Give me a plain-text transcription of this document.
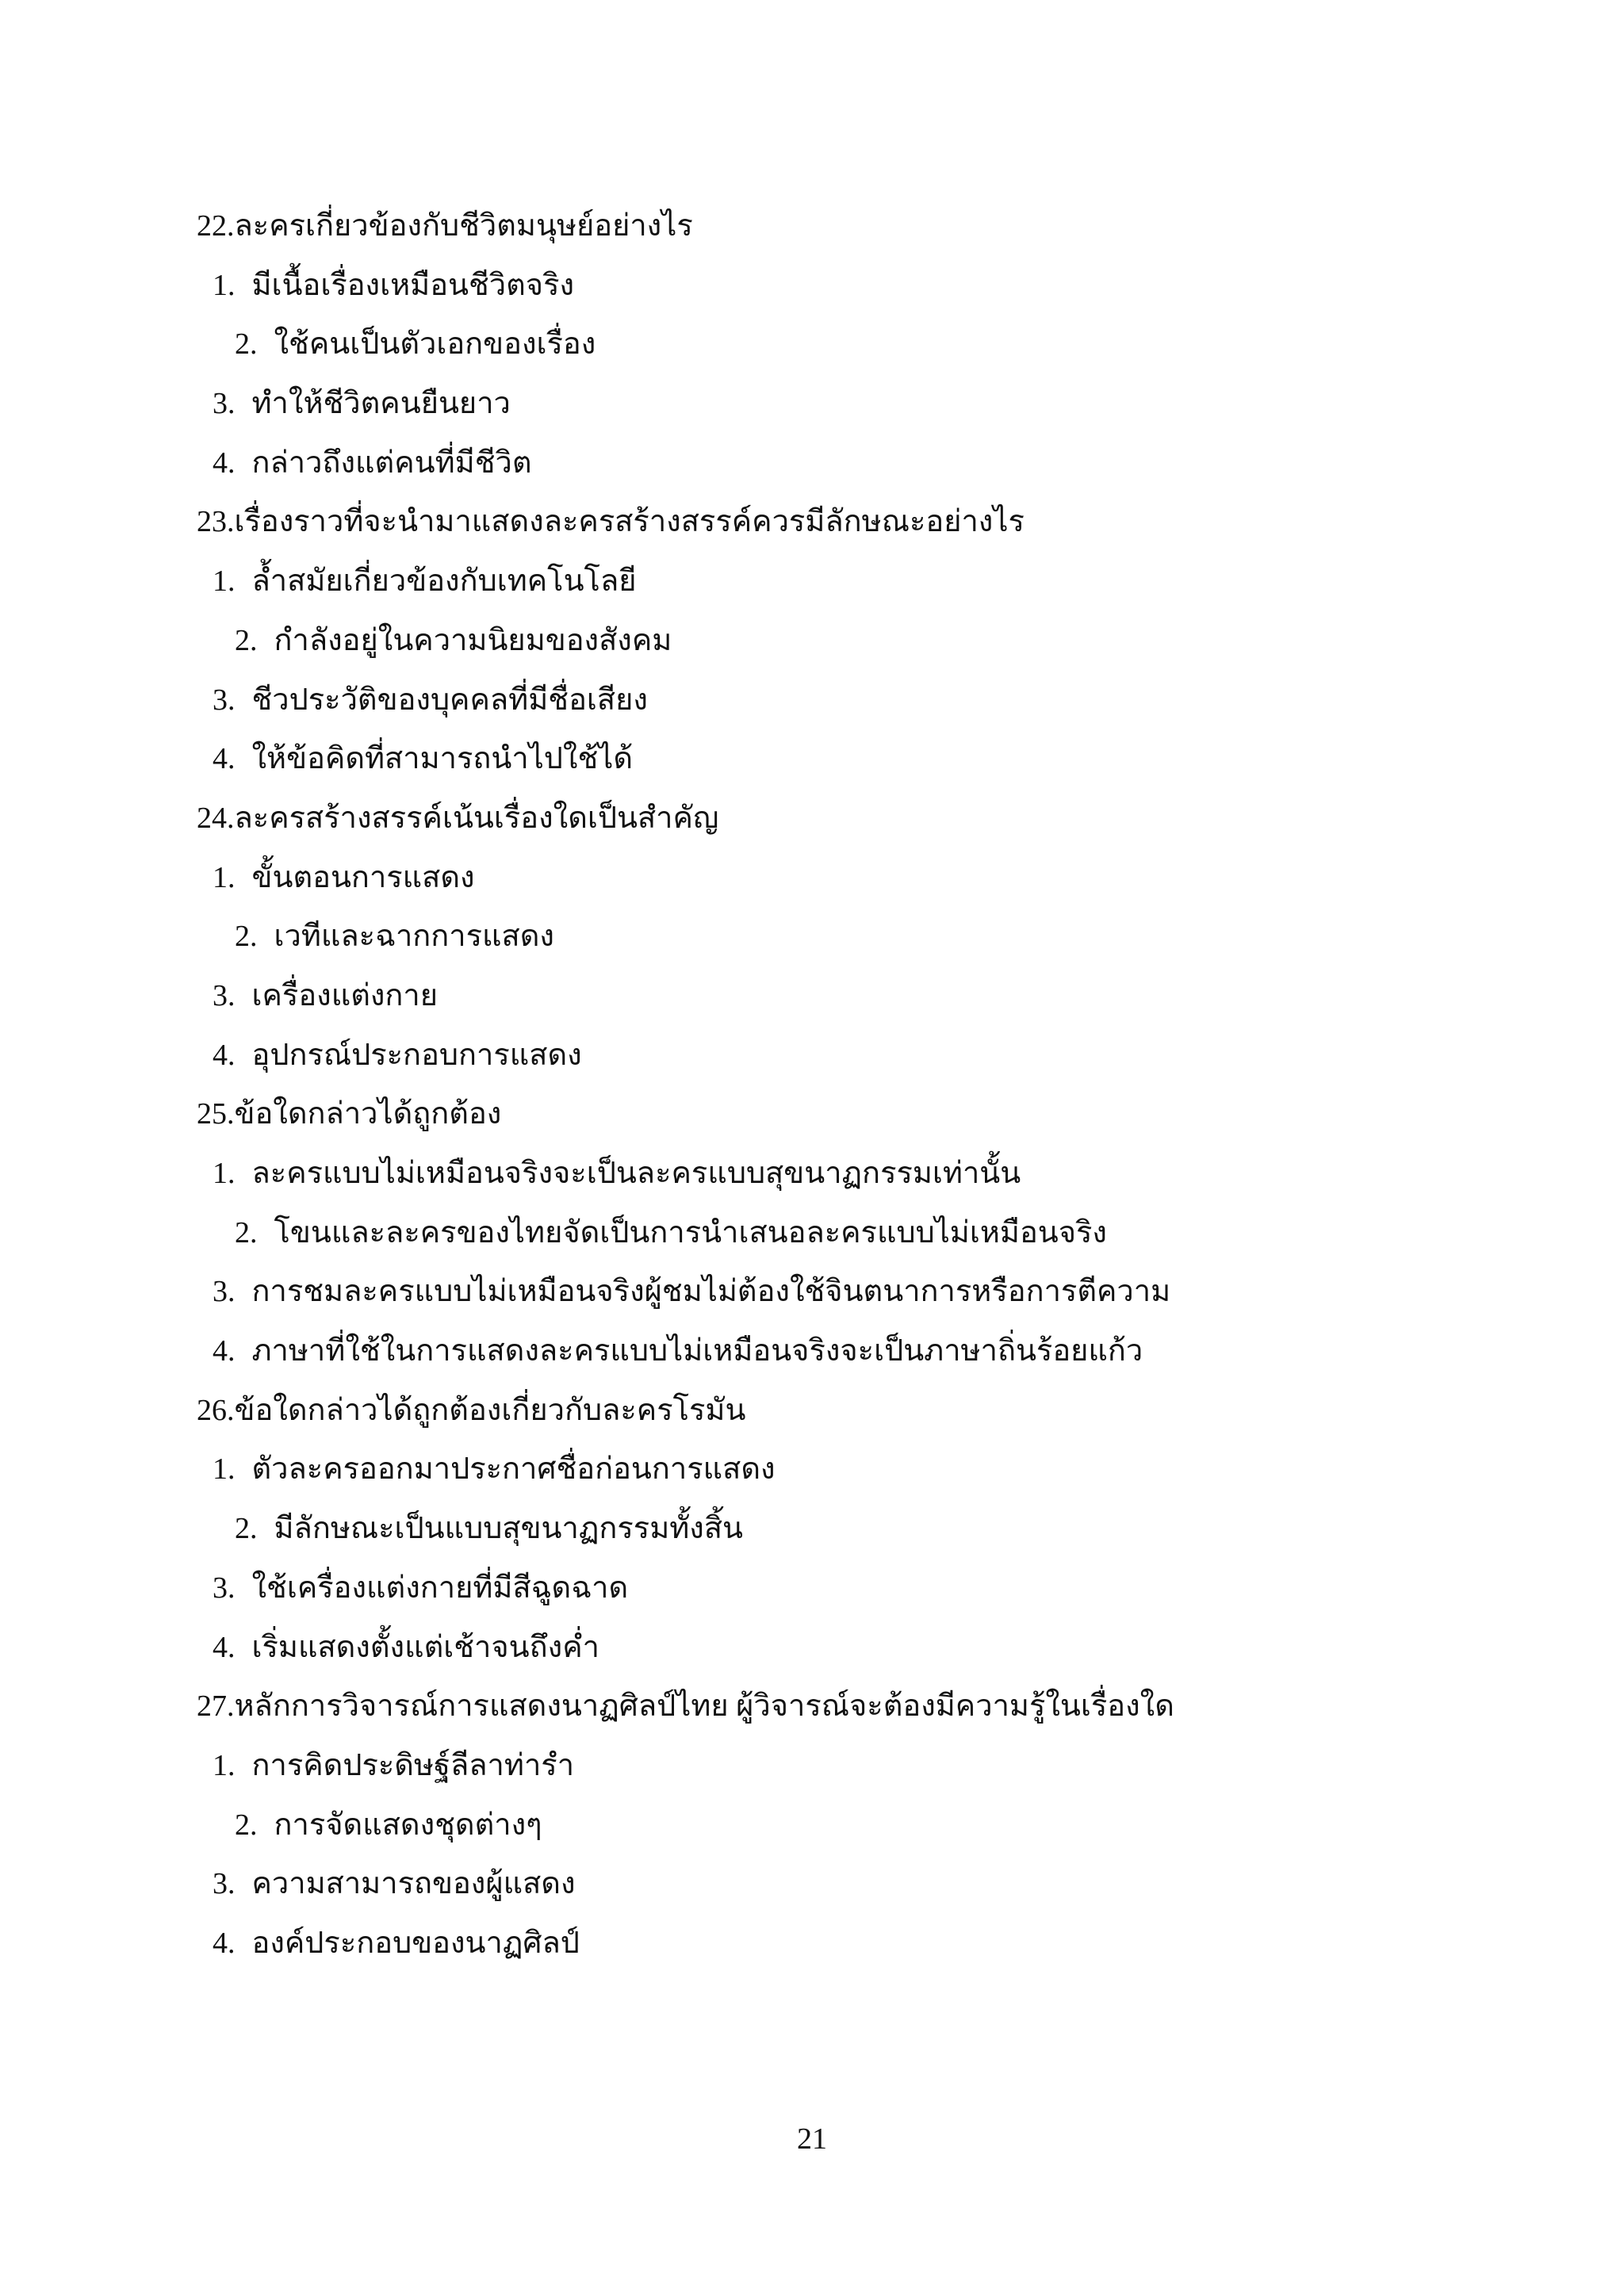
22.ละครเกี่ยวข้องกับชีวิตมนุษย์อย่างไร
1. มีเนื้อเรื่องเหมือนชีวิตจริง
2. ใช้คนเป็นตัวเอกของเรื่อง
3. ทำให้ชีวิตคนยืนยาว
4. กล่าวถึงแต่คนที่มีชีวิต
23.เรื่องราวที่จะนำมาแสดงละครสร้างสรรค์ควรมีลักษณะอย่างไร
1. ล้ำสมัยเกี่ยวข้องกับเทคโนโลยี
2. กำลังอยู่ในความนิยมของสังคม
3. ชีวประวัติของบุคคลที่มีชื่อเสียง
4. ให้ข้อคิดที่สามารถนำไปใช้ได้
24.ละครสร้างสรรค์เน้นเรื่องใดเป็นสำคัญ
1. ขั้นตอนการแสดง
2. เวทีและฉากการแสดง
3. เครื่องแต่งกาย
4. อุปกรณ์ประกอบการแสดง
25.ข้อใดกล่าวได้ถูกต้อง
1. ละครแบบไม่เหมือนจริงจะเป็นละครแบบสุขนาฏกรรมเท่านั้น
2. โขนและละครของไทยจัดเป็นการนำเสนอละครแบบไม่เหมือนจริง
3. การชมละครแบบไม่เหมือนจริงผู้ชมไม่ต้องใช้จินตนาการหรือการตีความ
4. ภาษาที่ใช้ในการแสดงละครแบบไม่เหมือนจริงจะเป็นภาษาถิ่นร้อยแก้ว
26.ข้อใดกล่าวได้ถูกต้องเกี่ยวกับละครโรมัน
1. ตัวละครออกมาประกาศชื่อก่อนการแสดง
2. มีลักษณะเป็นแบบสุขนาฏกรรมทั้งสิ้น
3. ใช้เครื่องแต่งกายที่มีสีฉูดฉาด
4. เริ่มแสดงตั้งแต่เช้าจนถึงค่ำ
27.หลักการวิจารณ์การแสดงนาฏศิลป์ไทย ผู้วิจารณ์จะต้องมีความรู้ในเรื่องใด
1. การคิดประดิษฐ์ลีลาท่ารำ
2. การจัดแสดงชุดต่างๆ
3. ความสามารถของผู้แสดง
4. องค์ประกอบของนาฏศิลป์
21
